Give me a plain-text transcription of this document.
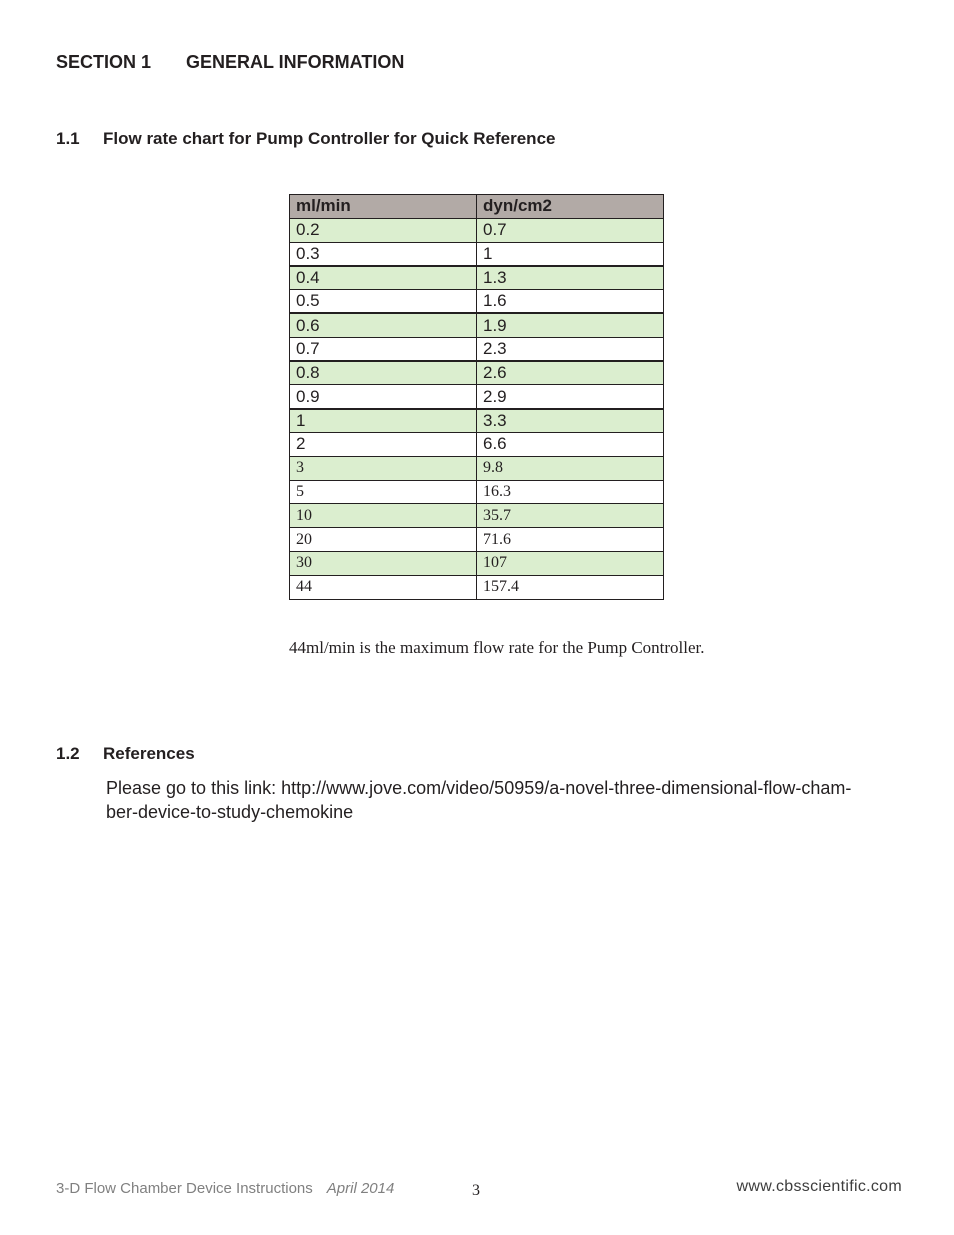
SECTION 1 GENERAL INFORMATION
1.1 Flow rate chart for Pump Controller for Quick Reference
ml/min	dyn/cm2
0.2	0.7
0.3	1
0.4	1.3
0.5	1.6
0.6	1.9
0.7	2.3
0.8	2.6
0.9	2.9
1	3.3
2	6.6
3	9.8
5	16.3
10	35.7
20	71.6
30	107
44	157.4
44ml/min is the maximum flow rate for the Pump Controller.
1.2 References
Please go to this link: http://www.jove.com/video/50959/a-novel-three-dimensional-flow-cham-
ber-device-to-study-chemokine
3-D Flow Chamber Device Instructions April 2014	3	www.cbsscientific.com
